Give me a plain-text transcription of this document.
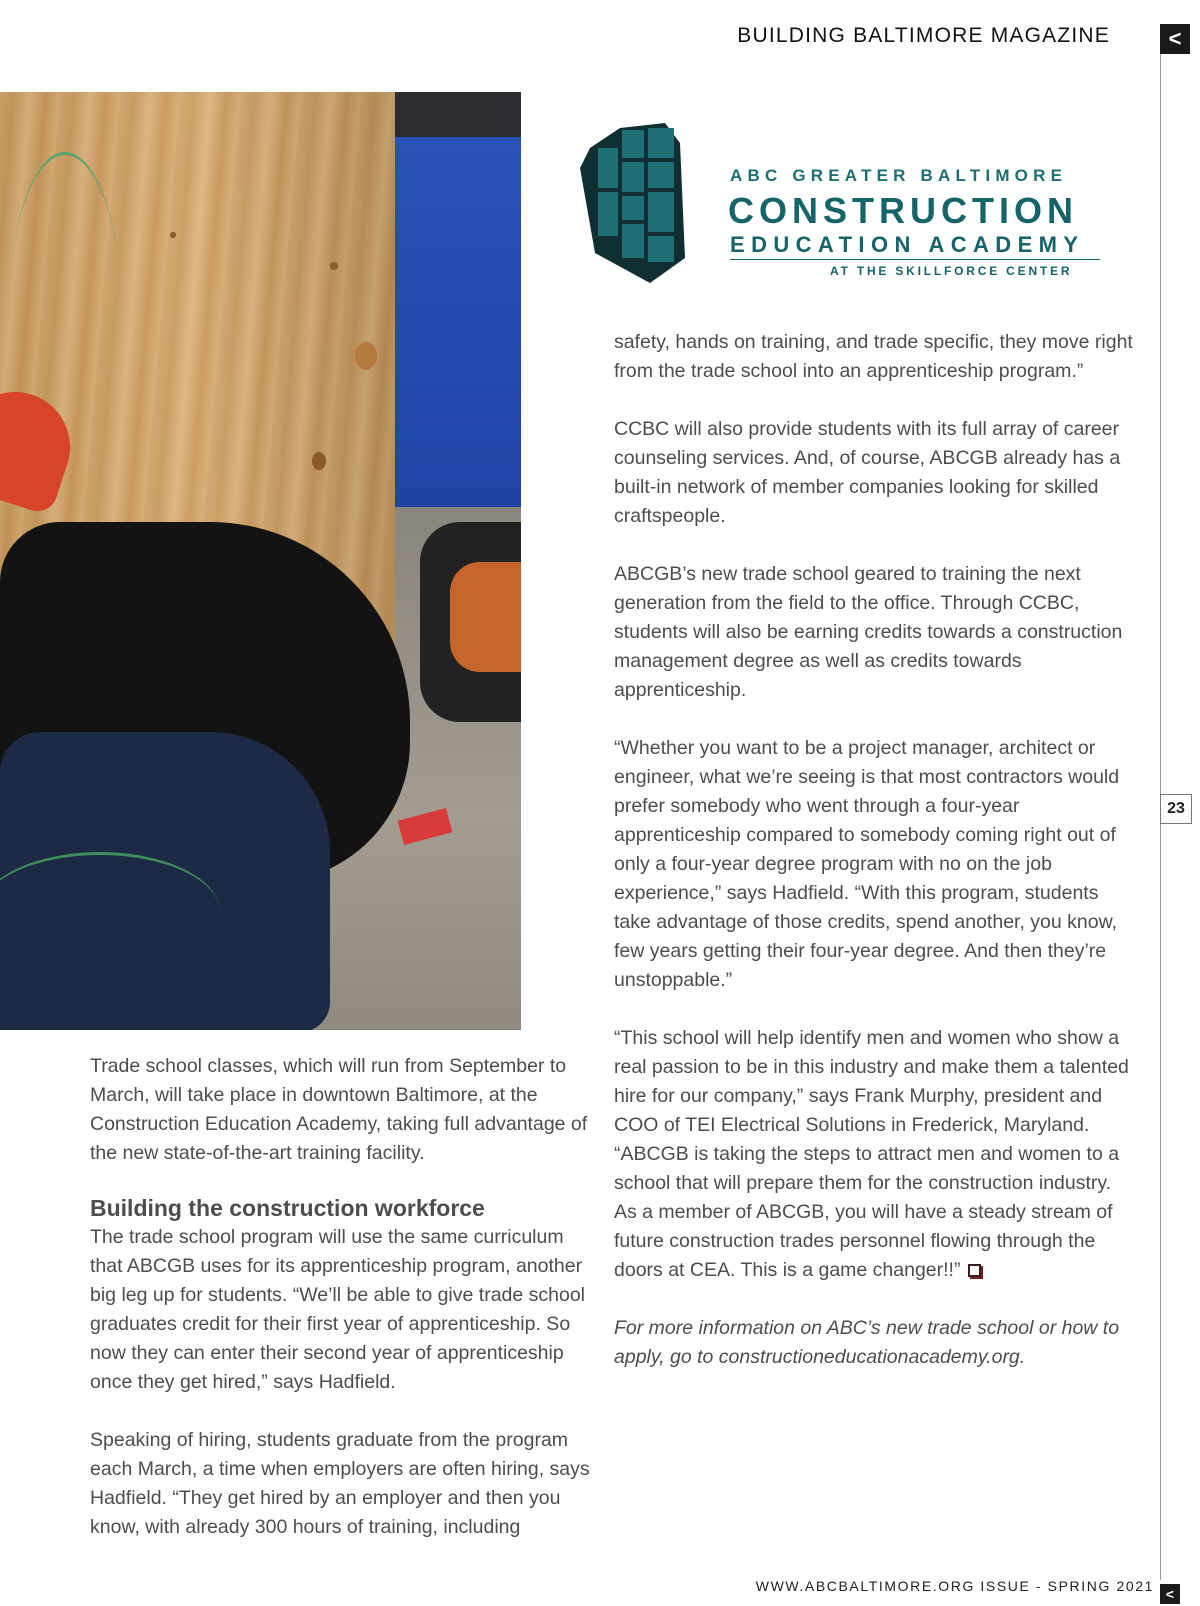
BUILDING BALTIMORE MAGAZINE	<
23
ABC GREATER BALTIMORE
CONSTRUCTION
EDUCATION ACADEMY
AT THE SKILLFORCE CENTER

Trade school classes, which will run from September to March, will take place in downtown Baltimore, at the Construction Education Academy, taking full advantage of the new state-of-the-art training facility.

Building the construction workforce

The trade school program will use the same curriculum that ABCGB uses for its apprenticeship program, another big leg up for students. “We’ll be able to give trade school graduates credit for their first year of apprenticeship. So now they can enter their second year of apprenticeship once they get hired,” says Hadfield.

Speaking of hiring, students graduate from the program each March, a time when employers are often hiring, says Hadfield. “They get hired by an employer and then you know, with already 300 hours of training, including

safety, hands on training, and trade specific, they move right from the trade school into an apprenticeship program.”

CCBC will also provide students with its full array of career counseling services. And, of course, ABCGB already has a built-in network of member companies looking for skilled craftspeople.

ABCGB’s new trade school geared to training the next generation from the field to the office. Through CCBC, students will also be earning credits towards a construction management degree as well as credits towards apprenticeship.

“Whether you want to be a project manager, architect or engineer, what we’re seeing is that most contractors would prefer somebody who went through a four-year apprenticeship compared to somebody coming right out of only a four-year degree program with no on the job experience,” says Hadfield. “With this program, students take advantage of those credits, spend another, you know, few years getting their four-year degree. And then they’re unstoppable.”

“This school will help identify men and women who show a real passion to be in this industry and make them a talented hire for our company,” says Frank Murphy, president and COO of TEI Electrical Solutions in Frederick, Maryland. “ABCGB is taking the steps to attract men and women to a school that will prepare them for the construction industry. As a member of ABCGB, you will have a steady stream of future construction trades personnel flowing through the doors at CEA. This is a game changer!!”

For more information on ABC’s new trade school or how to apply, go to constructioneducationacademy.org.

WWW.ABCBALTIMORE.ORG ISSUE - SPRING 2021 <
